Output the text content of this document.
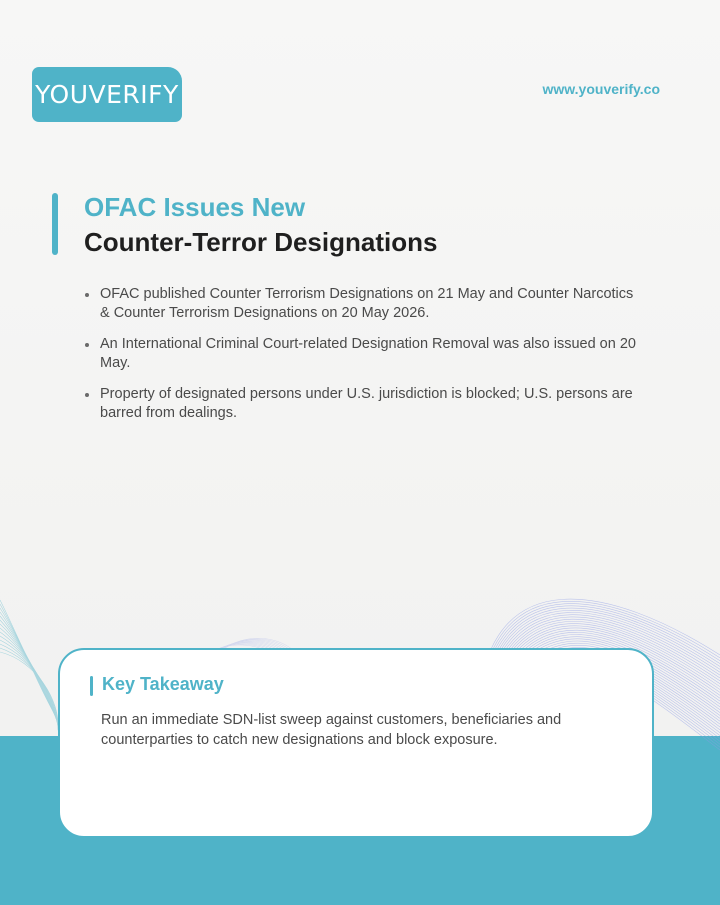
YOUVERIFY	www.youverify.co
OFAC Issues New
Counter-Terror Designations
OFAC published Counter Terrorism Designations on 21 May and Counter Narcotics & Counter Terrorism Designations on 20 May 2026.
An International Criminal Court-related Designation Removal was also issued on 20 May.
Property of designated persons under U.S. jurisdiction is blocked; U.S. persons are barred from dealings.
Key Takeaway
Run an immediate SDN-list sweep against customers, beneficiaries and counterparties to catch new designations and block exposure.
